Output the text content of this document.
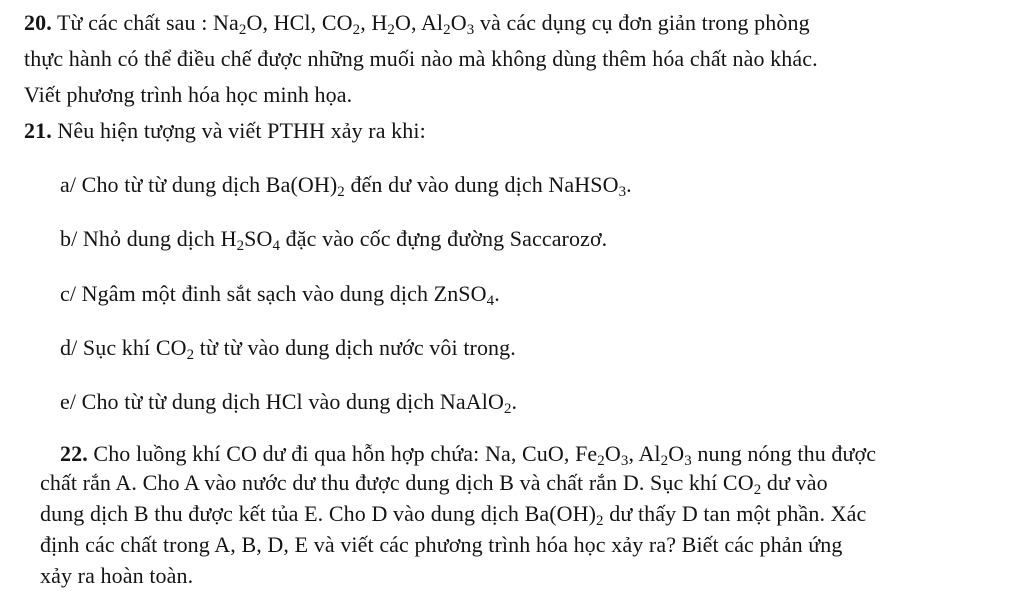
20. Từ các chất sau : $Na_2O$, HCl, $CO_2$, $H_2O$, $Al_2O_3$ và các dụng cụ đơn giản trong phòng
thực hành có thể điều chế được những muối nào mà không dùng thêm hóa chất nào khác.
Viết phương trình hóa học minh họa.
21. Nêu hiện tượng và viết PTHH xảy ra khi:
a/ Cho từ từ dung dịch $Ba(OH)_2$ đến dư vào dung dịch NaHSO$_3$.
b/ Nhỏ dung dịch $H_2SO_4$ đặc vào cốc đựng đường Saccarozơ.
c/ Ngâm một đinh sắt sạch vào dung dịch ZnSO$_4$.
d/ Sục khí $CO_2$ từ từ vào dung dịch nước vôi trong.
e/ Cho từ từ dung dịch HCl vào dung dịch NaAlO$_2$.
22. Cho luồng khí CO dư đi qua hỗn hợp chứa: Na, CuO, $Fe_2O_3$, $Al_2O_3$ nung nóng thu được
chất rắn A. Cho A vào nước dư thu được dung dịch B và chất rắn D. Sục khí $CO_2$ dư vào
dung dịch B thu được kết tủa E. Cho D vào dung dịch $Ba(OH)_2$ dư thấy D tan một phần. Xác
định các chất trong A, B, D, E và viết các phương trình hóa học xảy ra? Biết các phản ứng
xảy ra hoàn toàn.
